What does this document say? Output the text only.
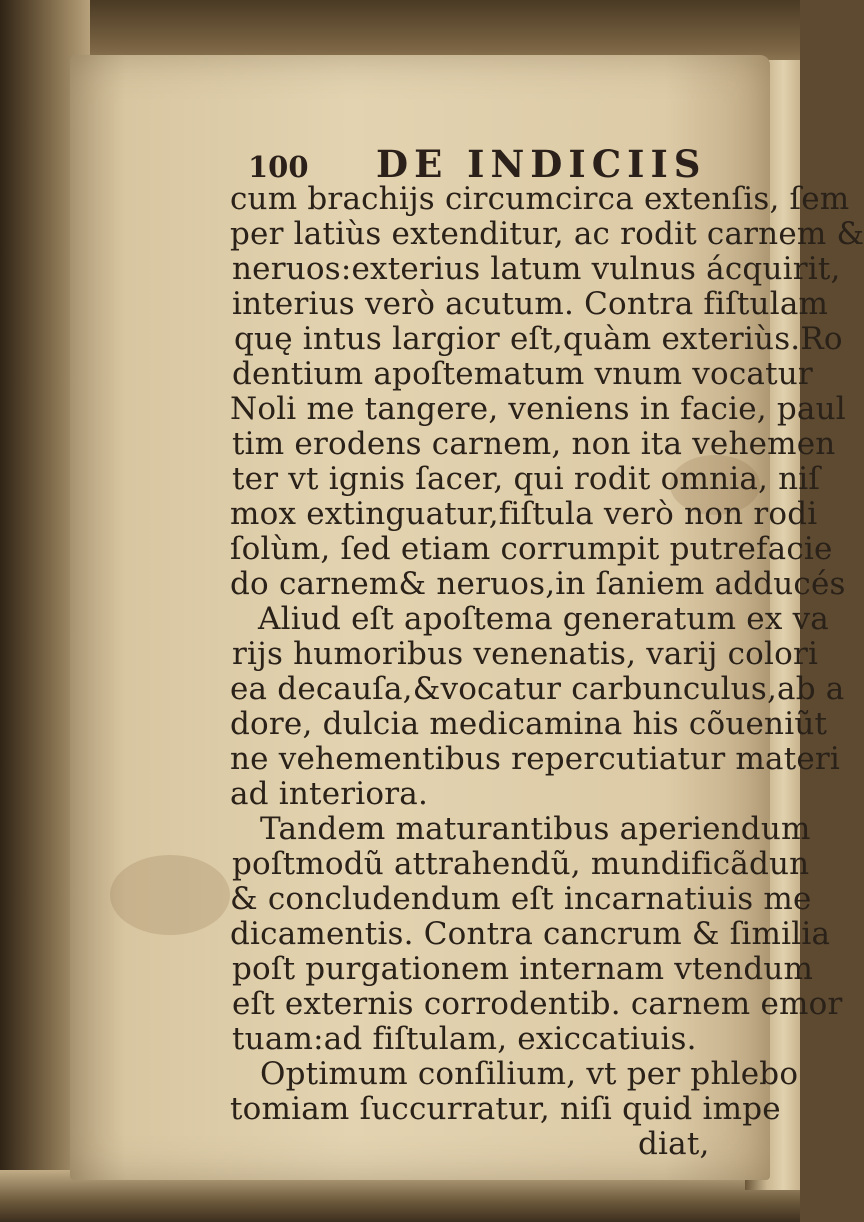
100 DE INDICIIS
cum brachijs circumcirca extenſis, ſem
per latiùs extenditur, ac rodit carnem &
neruos:exterius latum vulnus ácquirit,
interius verò acutum. Contra fiſtulam
quę intus largior eſt,quàm exteriùs.Ro
dentium apoſtematum vnum vocatur
Noli me tangere, veniens in facie, paul
tim erodens carnem, non ita vehemen
ter vt ignis ſacer, qui rodit omnia, niſ
mox extinguatur,fiſtula verò non rodi
ſolùm, ſed etiam corrumpit putrefacie
do carnem& neruos,in ſaniem adducés
Aliud eſt apoſtema generatum ex va
rijs humoribus venenatis, varij colori
ea decauſa,&vocatur carbunculus,ab a
dore, dulcia medicamina his cõueniũt
ne vehementibus repercutiatur materi
ad interiora.
Tandem maturantibus aperiendum
poſtmodũ attrahendũ, mundificãdun
& concludendum eſt incarnatiuis me
dicamentis. Contra cancrum & ſimilia
poſt purgationem internam vtendum
eſt externis corrodentib. carnem emor
tuam:ad fiſtulam, exiccatiuis.
Optimum conſilium, vt per phlebo
tomiam ſuccurratur, niſi quid impe
diat,
